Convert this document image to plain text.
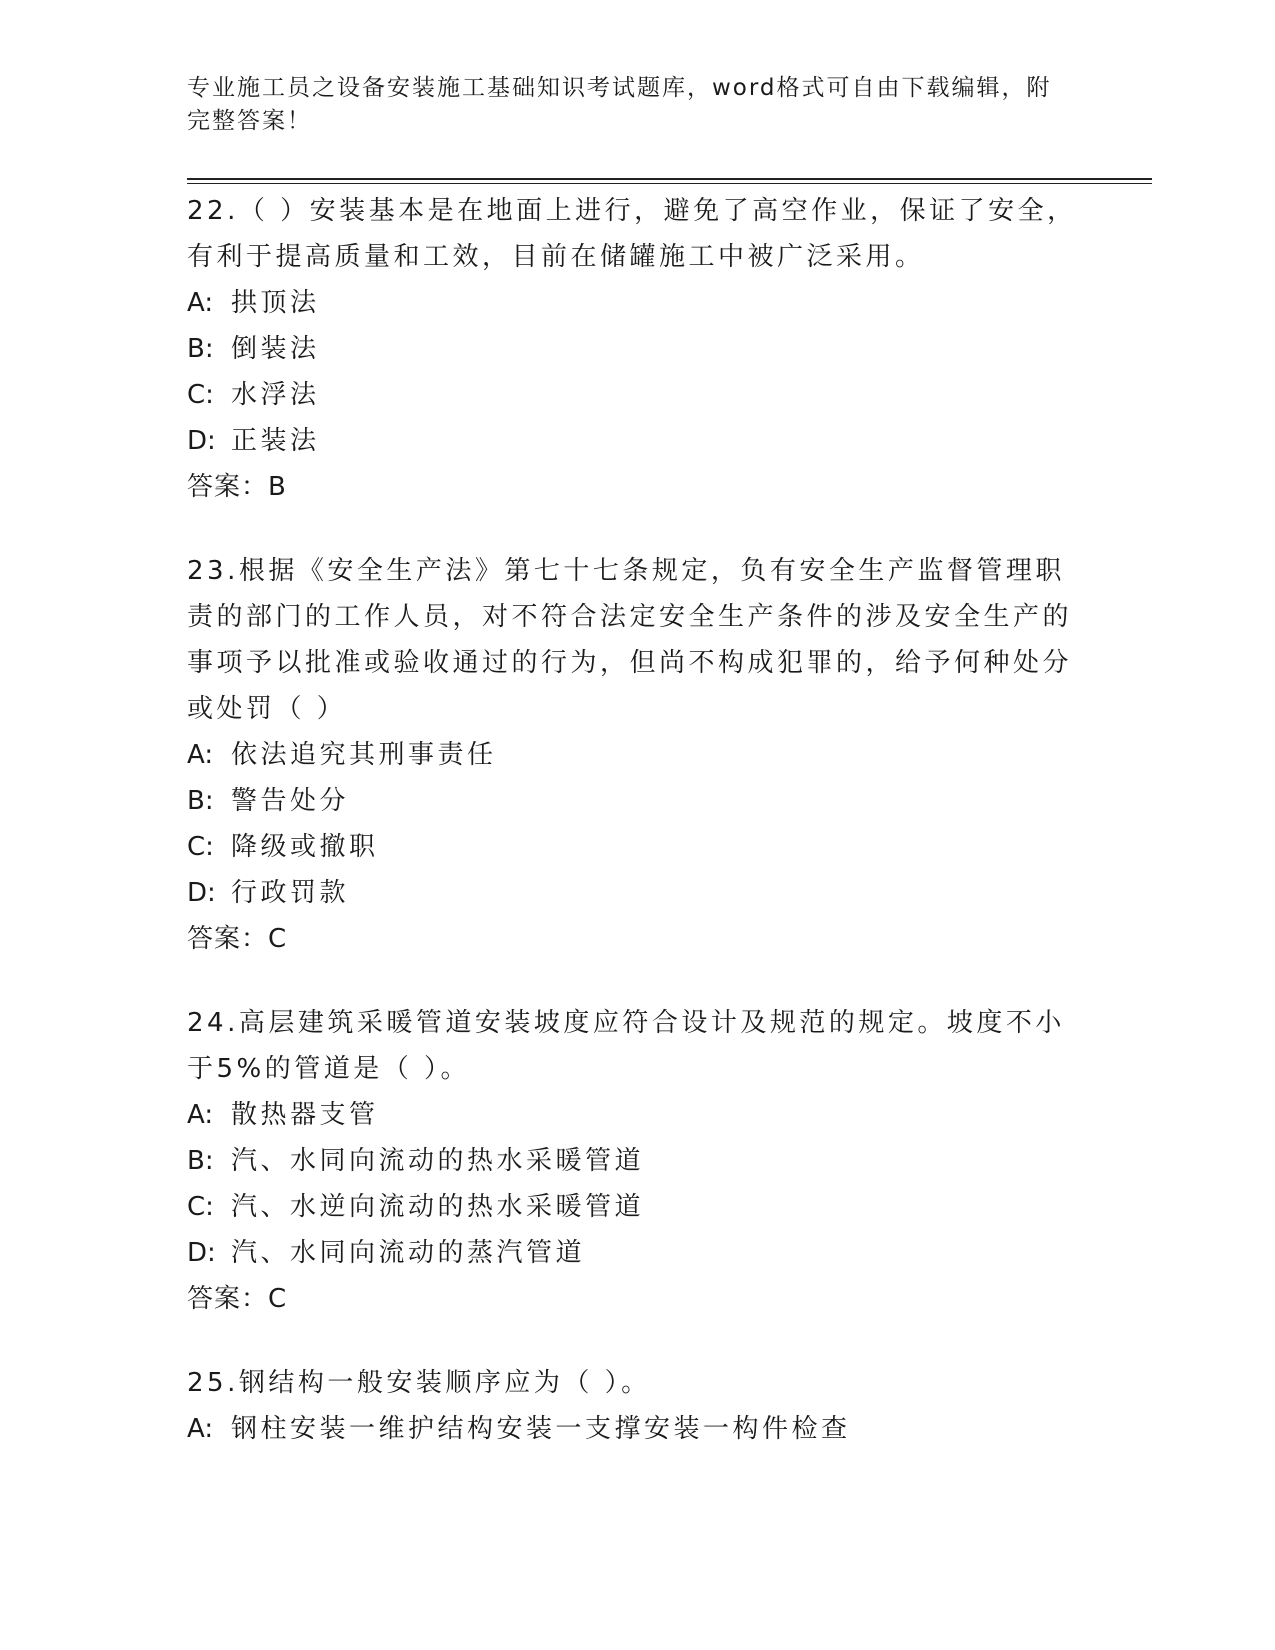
专业施工员之设备安装施工基础知识考试题库，word格式可自由下载编辑，附完整答案！

22.（ ）安装基本是在地面上进行，避免了高空作业，保证了安全，有利于提高质量和工效，目前在储罐施工中被广泛采用。

A: 拱顶法
B: 倒装法
C: 水浮法
D: 正装法
答案：B

23.根据《安全生产法》第七十七条规定，负有安全生产监督管理职责的部门的工作人员，对不符合法定安全生产条件的涉及安全生产的事项予以批准或验收通过的行为，但尚不构成犯罪的，给予何种处分或处罚（ ）

A: 依法追究其刑事责任
B: 警告处分
C: 降级或撤职
D: 行政罚款
答案：C

24.高层建筑采暖管道安装坡度应符合设计及规范的规定。坡度不小于5%的管道是（ ）。

A: 散热器支管
B: 汽、水同向流动的热水采暖管道
C: 汽、水逆向流动的热水采暖管道
D: 汽、水同向流动的蒸汽管道
答案：C

25.钢结构一般安装顺序应为（ ）。

A: 钢柱安装一维护结构安装一支撑安装一构件检查
